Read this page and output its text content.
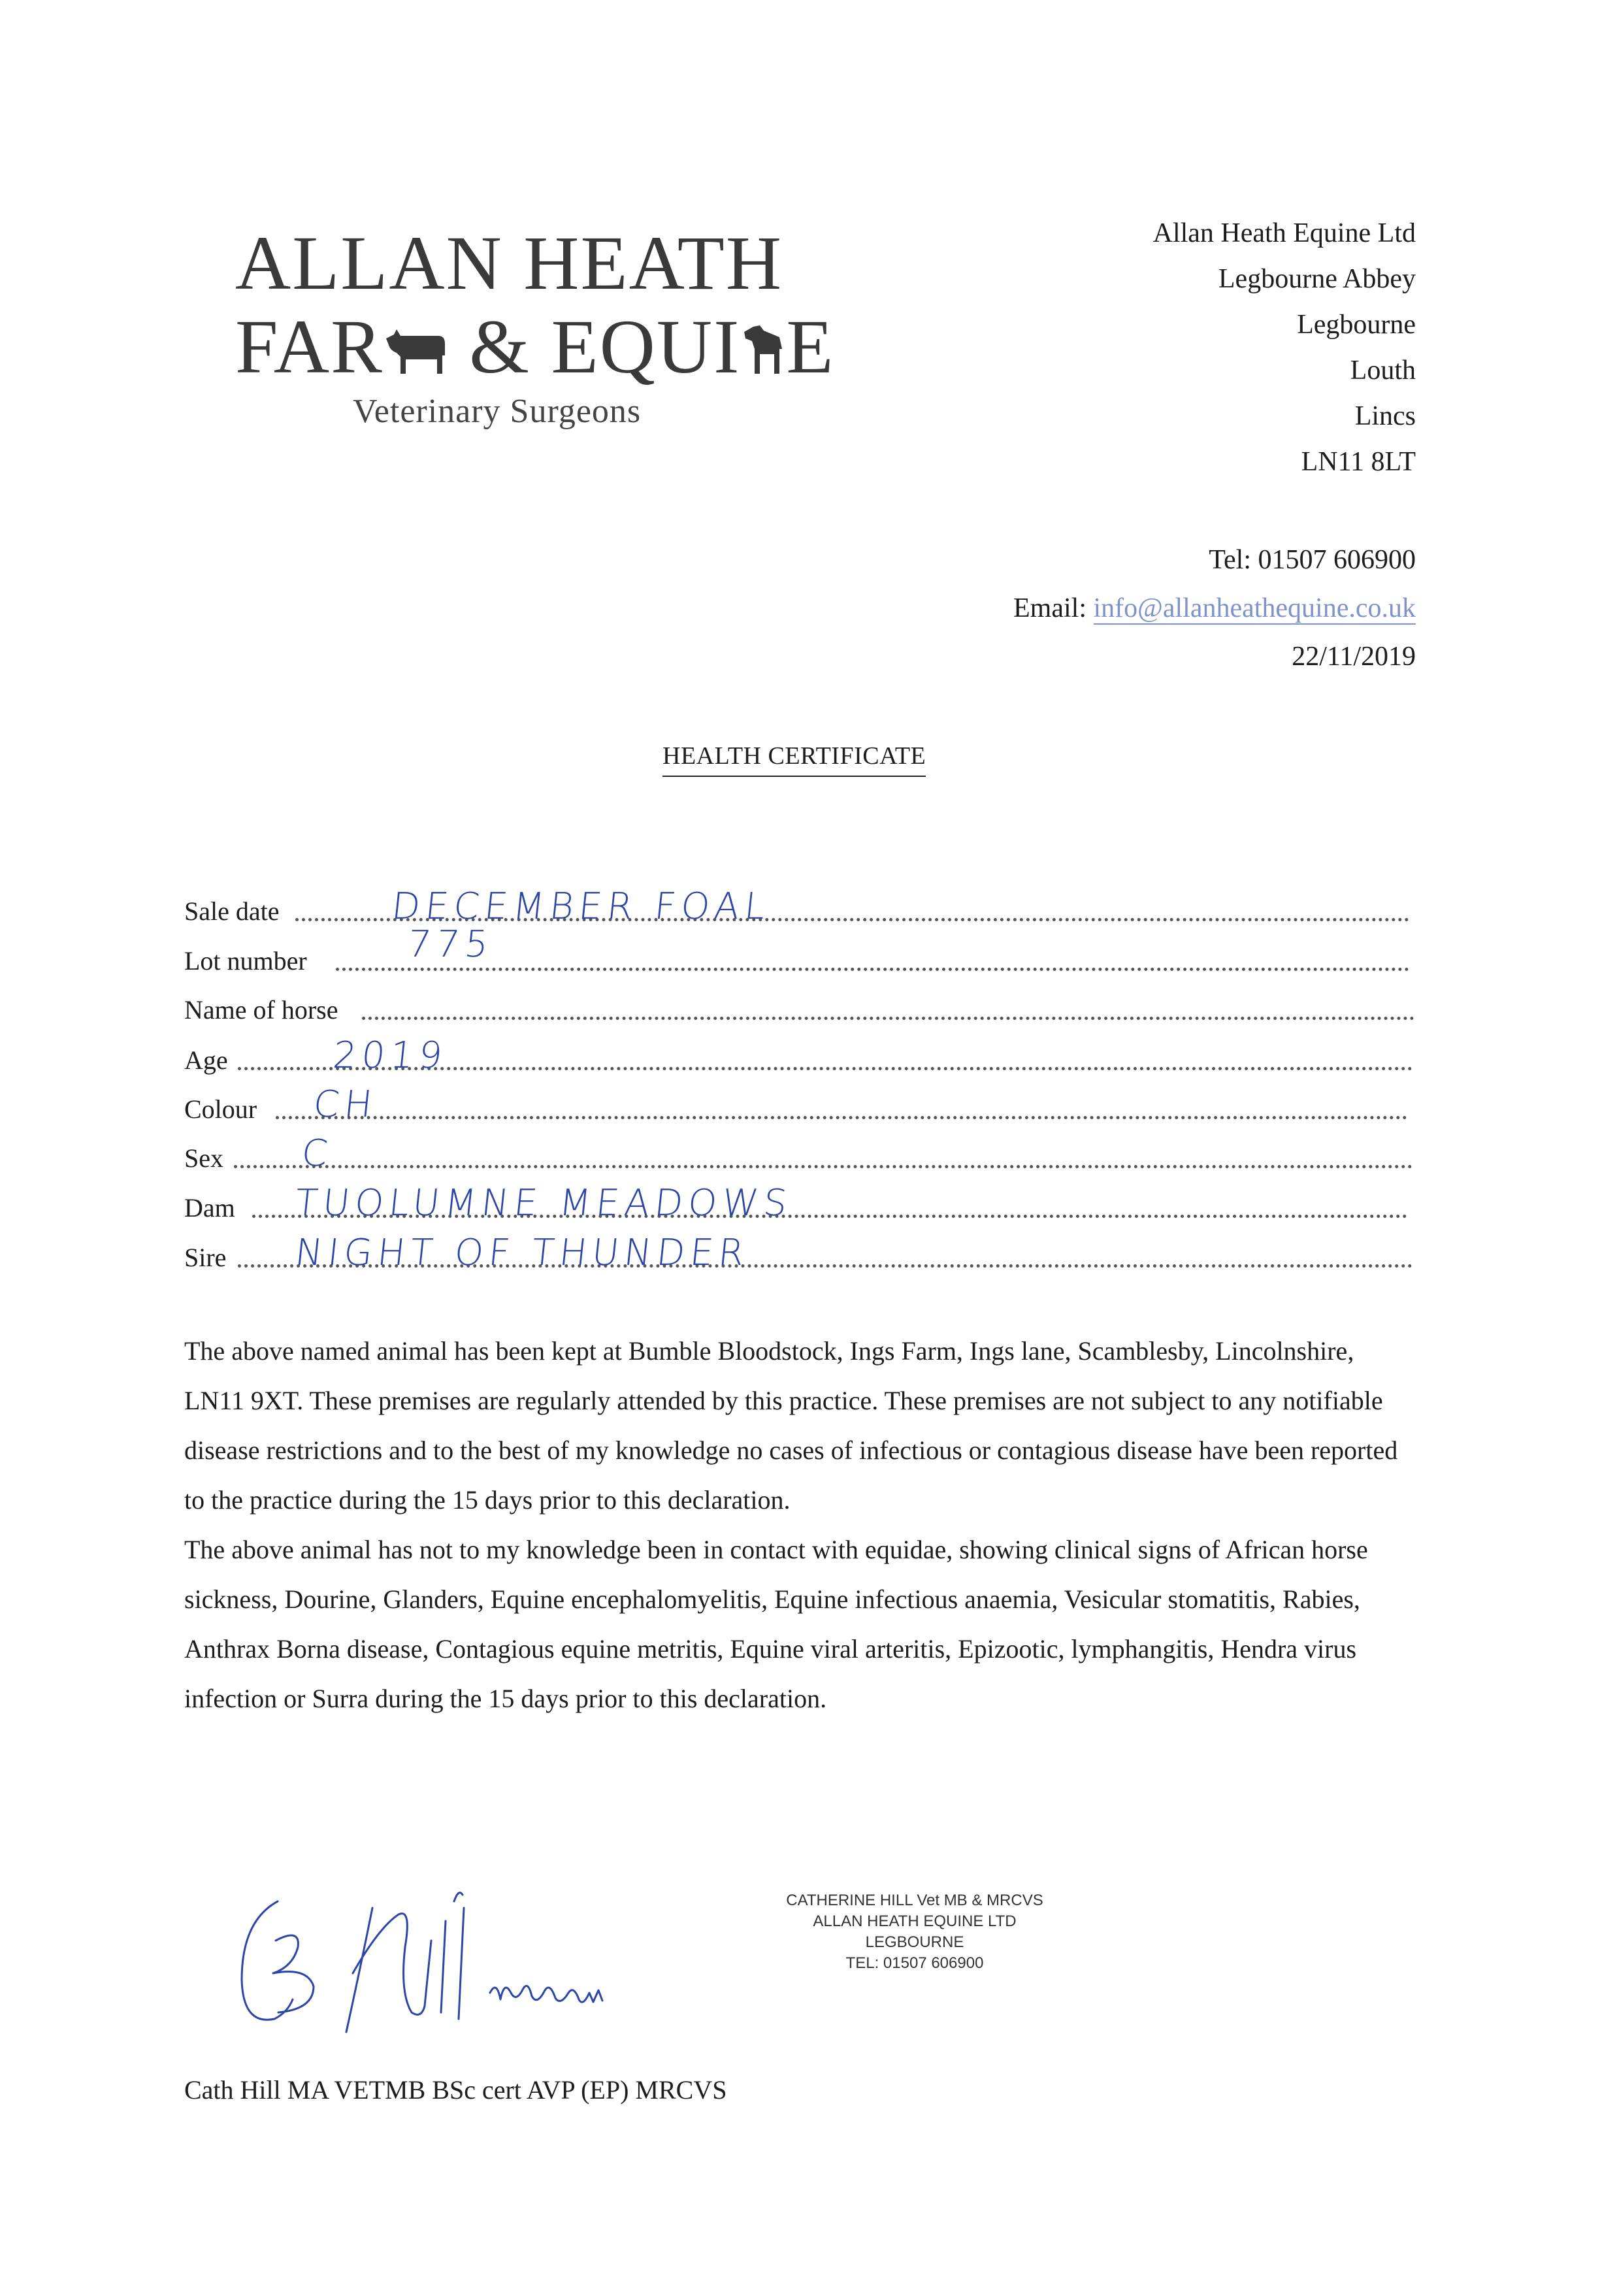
ALLAN HEATH
FAR & EQUI E
Veterinary Surgeons
Allan Heath Equine Ltd
Legbourne Abbey
Legbourne
Louth
Lincs
LN11 8LT
Tel: 01507 606900
Email: info@allanheathequine.co.uk
22/11/2019
HEALTH CERTIFICATE
Sale date	DECEMBER FOAL
Lot number	775
Name of horse
Age	2019
Colour CH
Sex C
Dam TUOLUMNE MEADOWS
Sire NIGHT OF THUNDER

The above named animal has been kept at Bumble Bloodstock, Ings Farm, Ings lane, Scamblesby, Lincolnshire, LN11 9XT. These premises are regularly attended by this practice. These premises are not subject to any notifiable disease restrictions and to the best of my knowledge no cases of infectious or contagious disease have been reported to the practice during the 15 days prior to this declaration.

The above animal has not to my knowledge been in contact with equidae, showing clinical signs of African horse sickness, Dourine, Glanders, Equine encephalomyelitis, Equine infectious anaemia, Vesicular stomatitis, Rabies, Anthrax Borna disease, Contagious equine metritis, Equine viral arteritis, Epizootic, lymphangitis, Hendra virus infection or Surra during the 15 days prior to this declaration.

CATHERINE HILL Vet MB & MRCVS
ALLAN HEATH EQUINE LTD
LEGBOURNE
TEL: 01507 606900
Cath Hill MA VETMB BSc cert AVP (EP) MRCVS
